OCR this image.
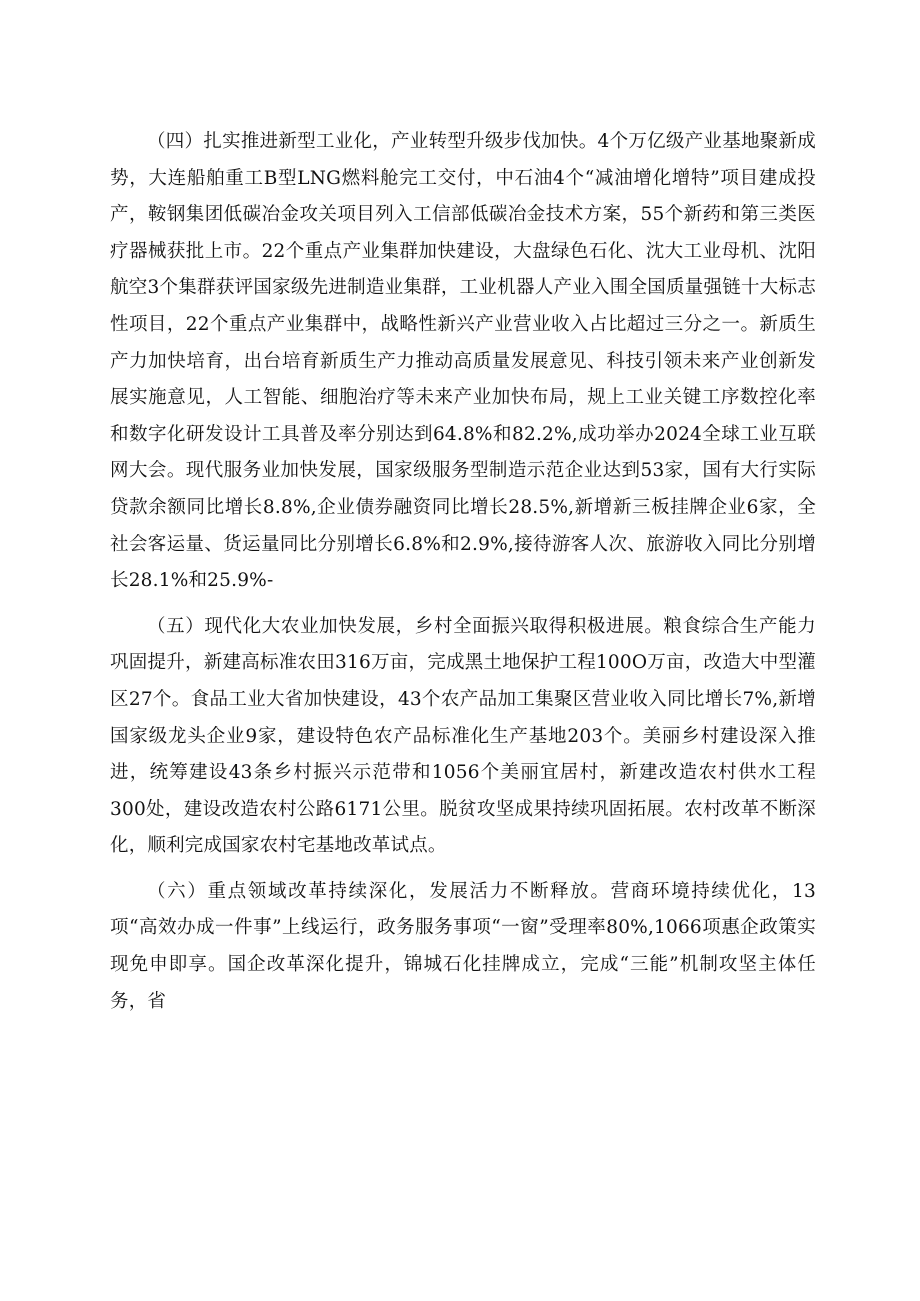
（四）扎实推进新型工业化，产业转型升级步伐加快。4个万亿级产业基地聚新成势，大连船舶重工B型LNG燃料舱完工交付，中石油4个“减油增化增特”项目建成投产，鞍钢集团低碳冶金攻关项目列入工信部低碳冶金技术方案，55个新药和第三类医疗器械获批上市。22个重点产业集群加快建设，大盘绿色石化、沈大工业母机、沈阳航空3个集群获评国家级先进制造业集群，工业机器人产业入围全国质量强链十大标志性项目，22个重点产业集群中，战略性新兴产业营业收入占比超过三分之一。新质生产力加快培育，出台培育新质生产力推动高质量发展意见、科技引领未来产业创新发展实施意见，人工智能、细胞治疗等未来产业加快布局，规上工业关键工序数控化率和数字化研发设计工具普及率分别达到64.8%和82.2%,成功举办2024全球工业互联网大会。现代服务业加快发展，国家级服务型制造示范企业达到53家，国有大行实际贷款余额同比增长8.8%,企业债券融资同比增长28.5%,新增新三板挂牌企业6家，全社会客运量、货运量同比分别增长6.8%和2.9%,接待游客人次、旅游收入同比分别增长28.1%和25.9%-

（五）现代化大农业加快发展，乡村全面振兴取得积极进展。粮食综合生产能力巩固提升，新建高标准农田316万亩，完成黑土地保护工程100O万亩，改造大中型灌区27个。食品工业大省加快建设，43个农产品加工集聚区营业收入同比增长7%,新增国家级龙头企业9家，建设特色农产品标准化生产基地203个。美丽乡村建设深入推进，统筹建设43条乡村振兴示范带和1056个美丽宜居村，新建改造农村供水工程300处，建设改造农村公路6171公里。脱贫攻坚成果持续巩固拓展。农村改革不断深化，顺利完成国家农村宅基地改革试点。

（六）重点领域改革持续深化，发展活力不断释放。营商环境持续优化，13项“高效办成一件事”上线运行，政务服务事项“一窗”受理率80%,1066项惠企政策实现免申即享。国企改革深化提升，锦城石化挂牌成立，完成“三能”机制攻坚主体任务，省
